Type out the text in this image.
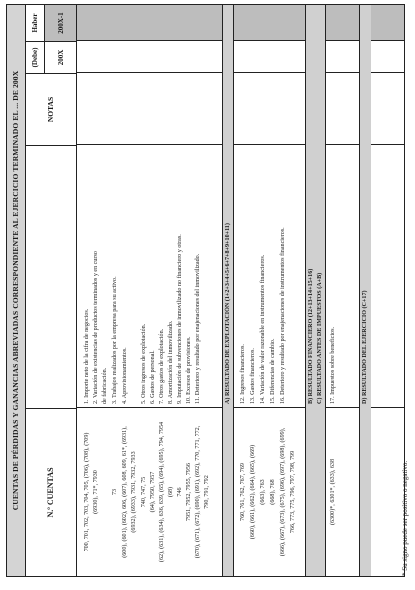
CUENTAS DE PÉRDIDAS Y GANANCIAS ABREVIADAS CORRESPONDIENTE AL EJERCICIO TERMINADO EL ... DE 200X	N.º CUENTAS
NOTAS
(Debe)
Haber
200X
200X-1
700, 701, 702, 703, 704, 705, (706), (708), (709)
1. Importe neto de la cifra de negocios.
(6930), 71*, 7930
2. Variación de existencias de productos terminados y en curso de fabricación.
73
3. Trabajos realizados por la empresa para su activo.
(600), (601), (602), 606, (607), 608, 609, 61*, (6931),
4. Aprovisionamientos.
(6932), (6933), 7931, 7932, 7933 740, 747, 75
5. Otros ingresos de explotación.
(64), 7950, 7957
6. Gastos de personal.
(62), (631), (634), 636, 639, (65), (694), (695), 794, 7954
7. Otros gastos de explotación.
(68)
8. Amortización del inmovilizado.
746
9. Imputación de subvenciones de inmovilizado no financiero y otras.
7951, 7952, 7955, 7956
10. Excesos de provisiones.
(670), (671), (672), (690), (691), (692), 770, 771, 772,
11. Deterioro y resultado por enajenaciones del inmovilizado.
790, 791, 792
A) RESULTADO DE EXPLOTACIÓN (1+2+3+4+5+6+7+8+9+10+11)
760, 761, 762, 767, 769
12. Ingresos financieros.
(660), (661), (662), (664), (665), (669)
13. Gastos financieros.
(663), 763
14. Variación de valor razonable en instrumentos financieros.
(668), 768
15. Diferencias de cambio.
(666), (667), (673), (675), (696), (697), (698), (699),
16. Deterioro y resultado por enajenaciones de instrumentos financieros.
766, 773, 775, 796, 797, 798, 799
B) RESULTADO FINANCIERO (12+13+14+15+16) C) RESULTADO ANTES DE IMPUESTOS (A+B)
(6300)*, 6301*, (633), 638
17. Impuestos sobre beneficios.	D) RESULTADO DEL EJERCICIO (C+17)
* Su signo puede ser positivo o negativo.
